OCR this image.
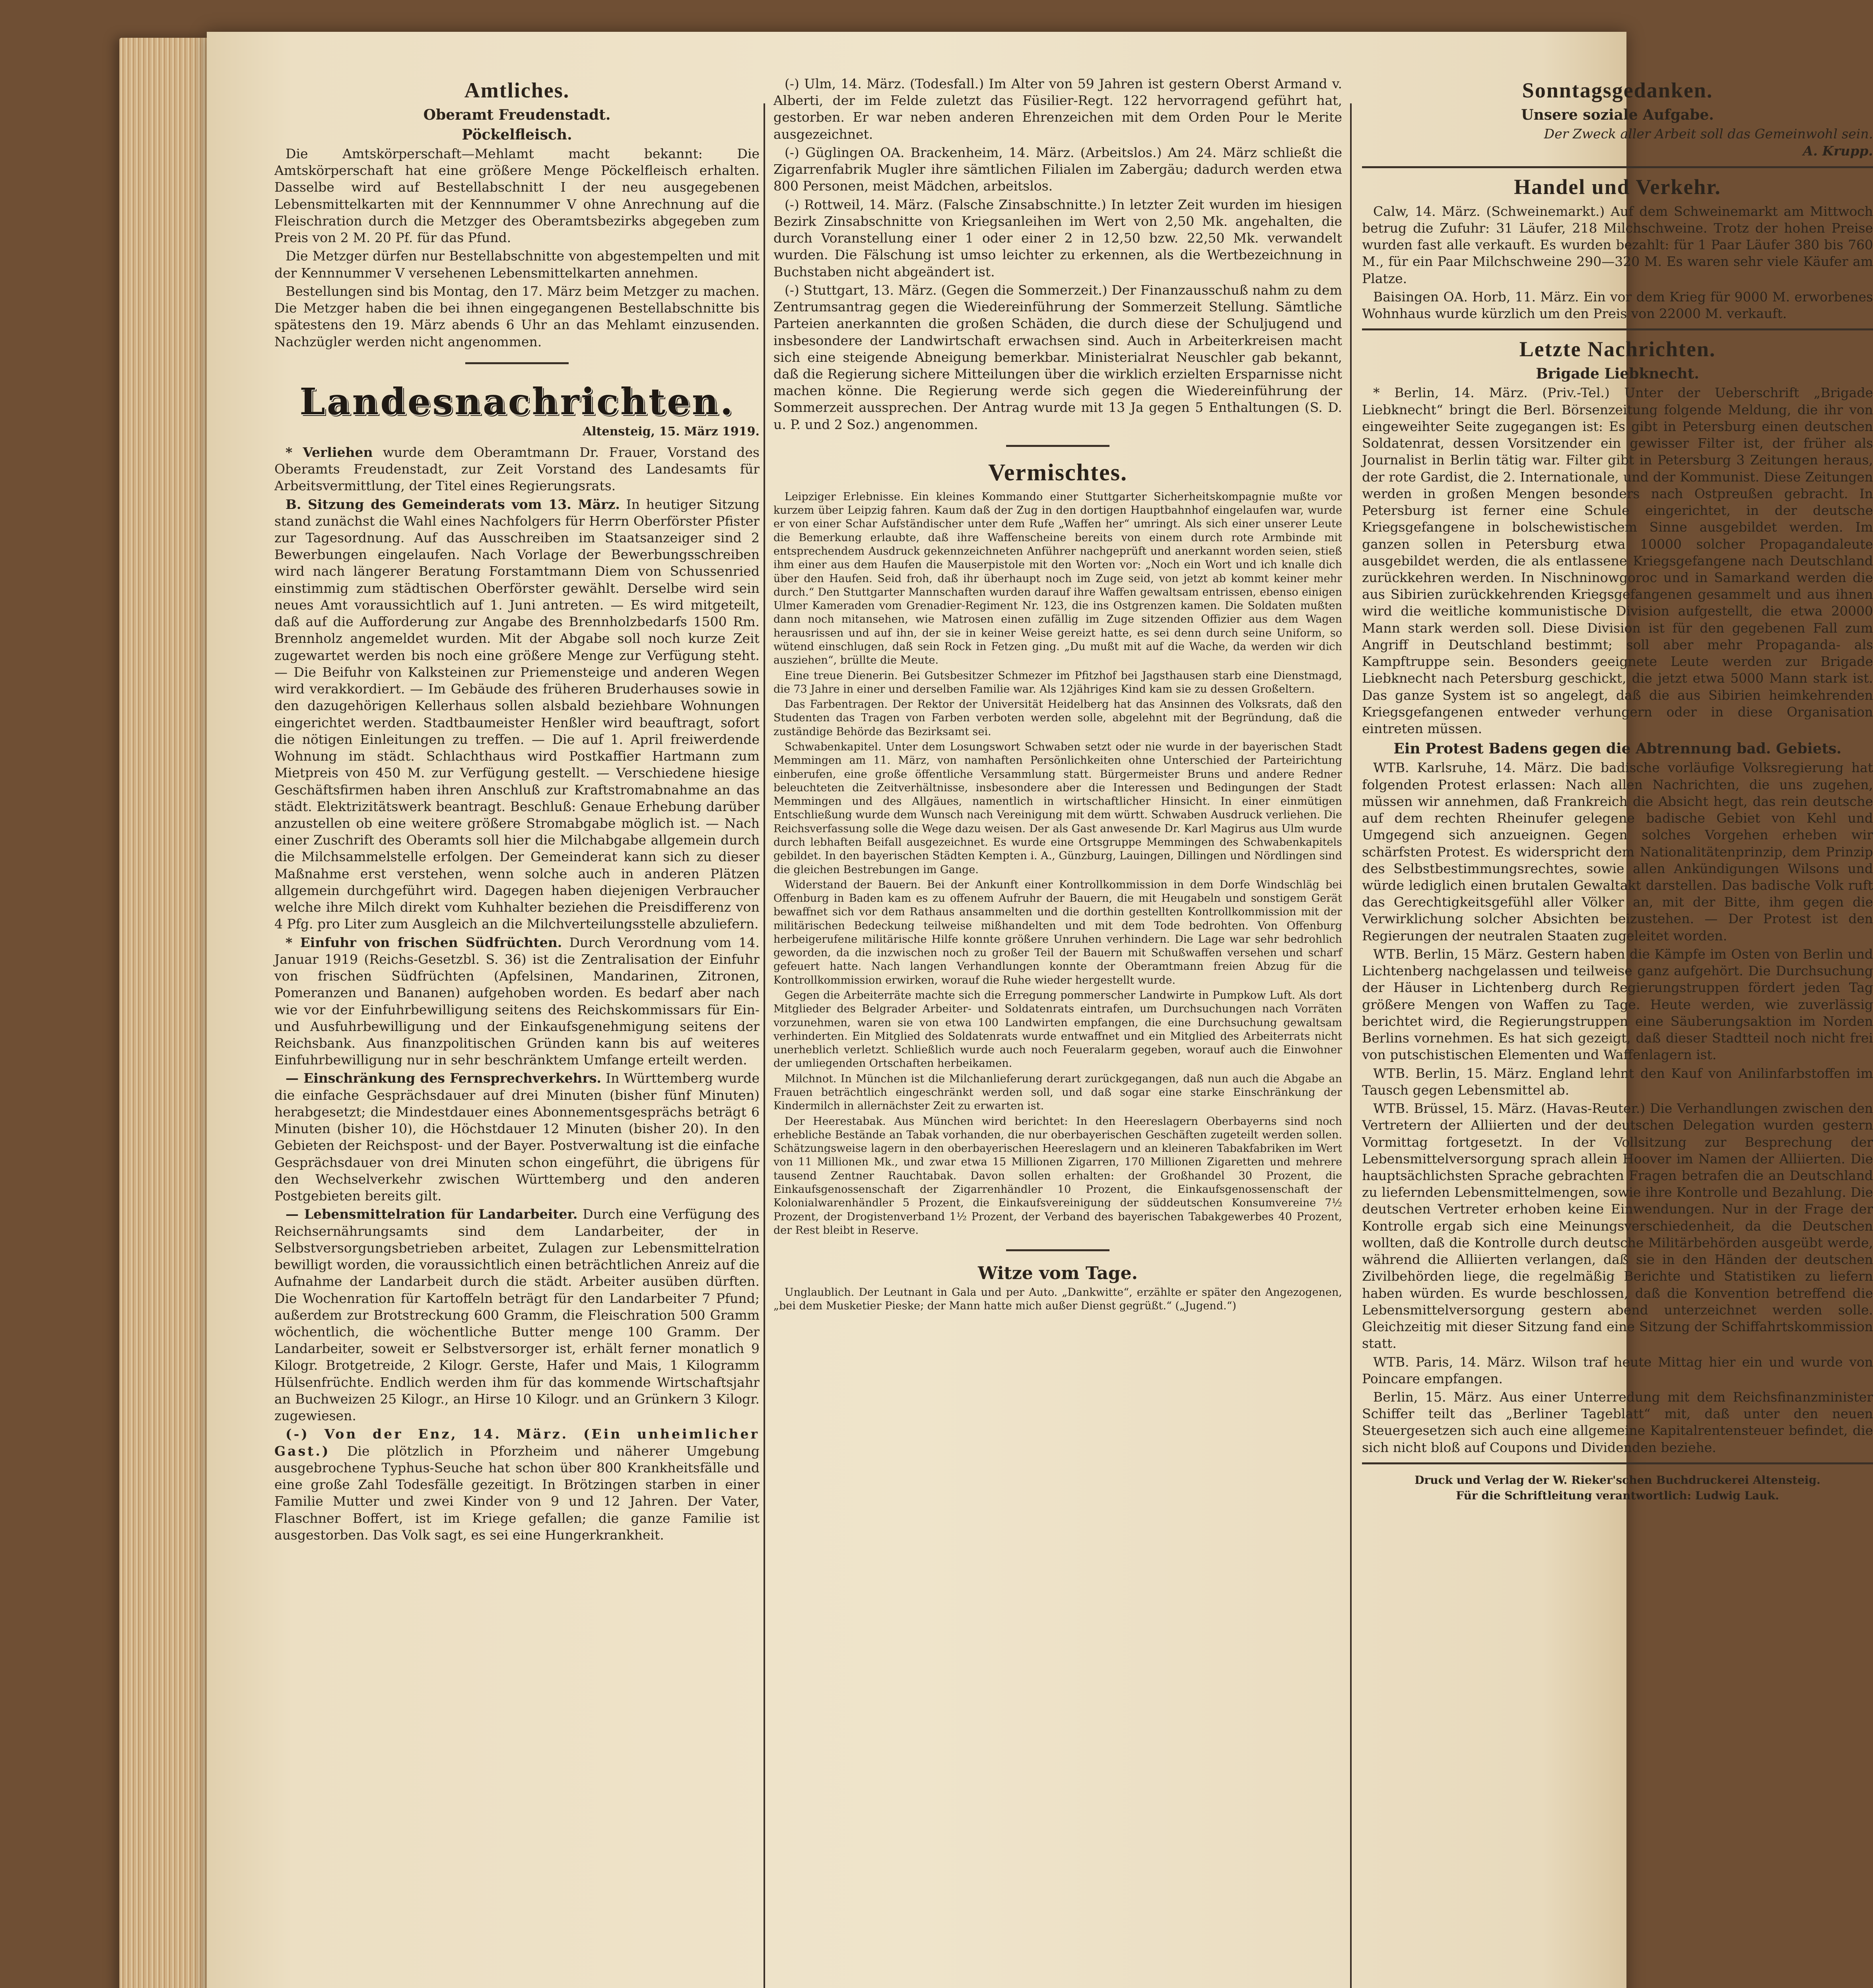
Amtliches.
Oberamt Freudenstadt.
Pöckelfleisch.

Die Amtskörperschaft—Mehlamt macht bekannt: Die Amtskörperschaft hat eine größere Menge Pöckelfleisch erhalten. Dasselbe wird auf Bestellabschnitt I der neu ausgegebenen Lebensmittelkarten mit der Kennnummer V ohne Anrechnung auf die Fleischration durch die Metzger des Oberamtsbezirks abgegeben zum Preis von 2 M. 20 Pf. für das Pfund.

Die Metzger dürfen nur Bestellabschnitte von abgestempelten und mit der Kennnummer V versehenen Lebensmittelkarten annehmen.

Bestellungen sind bis Montag, den 17. März beim Metzger zu machen. Die Metzger haben die bei ihnen eingegangenen Bestellabschnitte bis spätestens den 19. März abends 6 Uhr an das Mehlamt einzusenden. Nachzügler werden nicht angenommen.

Landesnachrichten.
Altensteig, 15. März 1919.

* Verliehen wurde dem Oberamtmann Dr. Frauer, Vorstand des Oberamts Freudenstadt, zur Zeit Vorstand des Landesamts für Arbeitsvermittlung, der Titel eines Regierungsrats.

B. Sitzung des Gemeinderats vom 13. März. In heutiger Sitzung stand zunächst die Wahl eines Nachfolgers für Herrn Oberförster Pfister zur Tagesordnung. Auf das Ausschreiben im Staatsanzeiger sind 2 Bewerbungen eingelaufen. Nach Vorlage der Bewerbungsschreiben wird nach längerer Beratung Forstamtmann Diem von Schussenried einstimmig zum städtischen Oberförster gewählt. Derselbe wird sein neues Amt voraussichtlich auf 1. Juni antreten. — Es wird mitgeteilt, daß auf die Aufforderung zur Angabe des Brennholzbedarfs 1500 Rm. Brennholz angemeldet wurden. Mit der Abgabe soll noch kurze Zeit zugewartet werden bis noch eine größere Menge zur Verfügung steht. — Die Beifuhr von Kalksteinen zur Priemensteige und anderen Wegen wird verakkordiert. — Im Gebäude des früheren Bruderhauses sowie in den dazugehörigen Kellerhaus sollen alsbald beziehbare Wohnungen eingerichtet werden. Stadtbaumeister Henßler wird beauftragt, sofort die nötigen Einleitungen zu treffen. — Die auf 1. April freiwerdende Wohnung im städt. Schlachthaus wird Postkaffier Hartmann zum Mietpreis von 450 M. zur Verfügung gestellt. — Verschiedene hiesige Geschäftsfirmen haben ihren Anschluß zur Kraftstromabnahme an das städt. Elektrizitätswerk beantragt. Beschluß: Genaue Erhebung darüber anzustellen ob eine weitere größere Stromabgabe möglich ist. — Nach einer Zuschrift des Oberamts soll hier die Milchabgabe allgemein durch die Milchsammelstelle erfolgen. Der Gemeinderat kann sich zu dieser Maßnahme erst verstehen, wenn solche auch in anderen Plätzen allgemein durchgeführt wird. Dagegen haben diejenigen Verbraucher welche ihre Milch direkt vom Kuhhalter beziehen die Preisdifferenz von 4 Pfg. pro Liter zum Ausgleich an die Milchverteilungsstelle abzuliefern.

* Einfuhr von frischen Südfrüchten. Durch Verordnung vom 14. Januar 1919 (Reichs-Gesetzbl. S. 36) ist die Zentralisation der Einfuhr von frischen Südfrüchten (Apfelsinen, Mandarinen, Zitronen, Pomeranzen und Bananen) aufgehoben worden. Es bedarf aber nach wie vor der Einfuhrbewilligung seitens des Reichskommissars für Ein- und Ausfuhrbewilligung und der Einkaufsgenehmigung seitens der Reichsbank. Aus finanzpolitischen Gründen kann bis auf weiteres Einfuhrbewilligung nur in sehr beschränktem Umfange erteilt werden.

— Einschränkung des Fernsprechverkehrs. In Württemberg wurde die einfache Gesprächsdauer auf drei Minuten (bisher fünf Minuten) herabgesetzt; die Mindestdauer eines Abonnementsgesprächs beträgt 6 Minuten (bisher 10), die Höchstdauer 12 Minuten (bisher 20). In den Gebieten der Reichspost- und der Bayer. Postverwaltung ist die einfache Gesprächsdauer von drei Minuten schon eingeführt, die übrigens für den Wechselverkehr zwischen Württemberg und den anderen Postgebieten bereits gilt.

— Lebensmittelration für Landarbeiter. Durch eine Verfügung des Reichsernährungsamts sind dem Landarbeiter, der in Selbstversorgungsbetrieben arbeitet, Zulagen zur Lebensmittelration bewilligt worden, die voraussichtlich einen beträchtlichen Anreiz auf die Aufnahme der Landarbeit durch die städt. Arbeiter ausüben dürften. Die Wochenration für Kartoffeln beträgt für den Landarbeiter 7 Pfund; außerdem zur Brotstreckung 600 Gramm, die Fleischration 500 Gramm wöchentlich, die wöchentliche Butter menge 100 Gramm. Der Landarbeiter, soweit er Selbstversorger ist, erhält ferner monatlich 9 Kilogr. Brotgetreide, 2 Kilogr. Gerste, Hafer und Mais, 1 Kilogramm Hülsenfrüchte. Endlich werden ihm für das kommende Wirtschaftsjahr an Buchweizen 25 Kilogr., an Hirse 10 Kilogr. und an Grünkern 3 Kilogr. zugewiesen.

(-) Von der Enz, 14. März. (Ein unheimlicher Gast.) Die plötzlich in Pforzheim und näherer Umgebung ausgebrochene Typhus-Seuche hat schon über 800 Krankheitsfälle und eine große Zahl Todesfälle gezeitigt. In Brötzingen starben in einer Familie Mutter und zwei Kinder von 9 und 12 Jahren. Der Vater, Flaschner Boffert, ist im Kriege gefallen; die ganze Familie ist ausgestorben. Das Volk sagt, es sei eine Hungerkrankheit.

(-) Ulm, 14. März. (Todesfall.) Im Alter von 59 Jahren ist gestern Oberst Armand v. Alberti, der im Felde zuletzt das Füsilier-Regt. 122 hervorragend geführt hat, gestorben. Er war neben anderen Ehrenzeichen mit dem Orden Pour le Merite ausgezeichnet.

(-) Güglingen OA. Brackenheim, 14. März. (Arbeitslos.) Am 24. März schließt die Zigarrenfabrik Mugler ihre sämtlichen Filialen im Zabergäu; dadurch werden etwa 800 Personen, meist Mädchen, arbeitslos.

(-) Rottweil, 14. März. (Falsche Zinsabschnitte.) In letzter Zeit wurden im hiesigen Bezirk Zinsabschnitte von Kriegsanleihen im Wert von 2,50 Mk. angehalten, die durch Voranstellung einer 1 oder einer 2 in 12,50 bzw. 22,50 Mk. verwandelt wurden. Die Fälschung ist umso leichter zu erkennen, als die Wertbezeichnung in Buchstaben nicht abgeändert ist.

(-) Stuttgart, 13. März. (Gegen die Sommerzeit.) Der Finanzausschuß nahm zu dem Zentrumsantrag gegen die Wiedereinführung der Sommerzeit Stellung. Sämtliche Parteien anerkannten die großen Schäden, die durch diese der Schuljugend und insbesondere der Landwirtschaft erwachsen sind. Auch in Arbeiterkreisen macht sich eine steigende Abneigung bemerkbar. Ministerialrat Neuschler gab bekannt, daß die Regierung sichere Mitteilungen über die wirklich erzielten Ersparnisse nicht machen könne. Die Regierung werde sich gegen die Wiedereinführung der Sommerzeit aussprechen. Der Antrag wurde mit 13 Ja gegen 5 Enthaltungen (S. D. u. P. und 2 Soz.) angenommen.

Vermischtes.

Leipziger Erlebnisse. Ein kleines Kommando einer Stuttgarter Sicherheitskompagnie mußte vor kurzem über Leipzig fahren. Kaum daß der Zug in den dortigen Hauptbahnhof eingelaufen war, wurde er von einer Schar Aufständischer unter dem Rufe „Waffen her“ umringt. Als sich einer unserer Leute die Bemerkung erlaubte, daß ihre Waffenscheine bereits von einem durch rote Armbinde mit entsprechendem Ausdruck gekennzeichneten Anführer nachgeprüft und anerkannt worden seien, stieß ihm einer aus dem Haufen die Mauserpistole mit den Worten vor: „Noch ein Wort und ich knalle dich über den Haufen. Seid froh, daß ihr überhaupt noch im Zuge seid, von jetzt ab kommt keiner mehr durch.“ Den Stuttgarter Mannschaften wurden darauf ihre Waffen gewaltsam entrissen, ebenso einigen Ulmer Kameraden vom Grenadier-Regiment Nr. 123, die ins Ostgrenzen kamen. Die Soldaten mußten dann noch mitansehen, wie Matrosen einen zufällig im Zuge sitzenden Offizier aus dem Wagen herausrissen und auf ihn, der sie in keiner Weise gereizt hatte, es sei denn durch seine Uniform, so wütend einschlugen, daß sein Rock in Fetzen ging. „Du mußt mit auf die Wache, da werden wir dich ausziehen“, brüllte die Meute.

Eine treue Dienerin. Bei Gutsbesitzer Schmezer im Pfitzhof bei Jagsthausen starb eine Dienstmagd, die 73 Jahre in einer und derselben Familie war. Als 12jähriges Kind kam sie zu dessen Großeltern.

Das Farbentragen. Der Rektor der Universität Heidelberg hat das Ansinnen des Volksrats, daß den Studenten das Tragen von Farben verboten werden solle, abgelehnt mit der Begründung, daß die zuständige Behörde das Bezirksamt sei.

Schwabenkapitel. Unter dem Losungswort Schwaben setzt oder nie wurde in der bayerischen Stadt Memmingen am 11. März, von namhaften Persönlichkeiten ohne Unterschied der Parteirichtung einberufen, eine große öffentliche Versammlung statt. Bürgermeister Bruns und andere Redner beleuchteten die Zeitverhältnisse, insbesondere aber die Interessen und Bedingungen der Stadt Memmingen und des Allgäues, namentlich in wirtschaftlicher Hinsicht. In einer einmütigen Entschließung wurde dem Wunsch nach Vereinigung mit dem württ. Schwaben Ausdruck verliehen. Die Reichsverfassung solle die Wege dazu weisen. Der als Gast anwesende Dr. Karl Magirus aus Ulm wurde durch lebhaften Beifall ausgezeichnet. Es wurde eine Ortsgruppe Memmingen des Schwabenkapitels gebildet. In den bayerischen Städten Kempten i. A., Günzburg, Lauingen, Dillingen und Nördlingen sind die gleichen Bestrebungen im Gange.

Widerstand der Bauern. Bei der Ankunft einer Kontrollkommission in dem Dorfe Windschläg bei Offenburg in Baden kam es zu offenem Aufruhr der Bauern, die mit Heugabeln und sonstigem Gerät bewaffnet sich vor dem Rathaus ansammelten und die dorthin gestellten Kontrollkommission mit der militärischen Bedeckung teilweise mißhandelten und mit dem Tode bedrohten. Von Offenburg herbeigerufene militärische Hilfe konnte größere Unruhen verhindern. Die Lage war sehr bedrohlich geworden, da die inzwischen noch zu großer Teil der Bauern mit Schußwaffen versehen und scharf gefeuert hatte. Nach langen Verhandlungen konnte der Oberamtmann freien Abzug für die Kontrollkommission erwirken, worauf die Ruhe wieder hergestellt wurde.

Gegen die Arbeiterräte machte sich die Erregung pommerscher Landwirte in Pumpkow Luft. Als dort Mitglieder des Belgrader Arbeiter- und Soldatenrats eintrafen, um Durchsuchungen nach Vorräten vorzunehmen, waren sie von etwa 100 Landwirten empfangen, die eine Durchsuchung gewaltsam verhinderten. Ein Mitglied des Soldatenrats wurde entwaffnet und ein Mitglied des Arbeiterrats nicht unerheblich verletzt. Schließlich wurde auch noch Feueralarm gegeben, worauf auch die Einwohner der umliegenden Ortschaften herbeikamen.

Milchnot. In München ist die Milchanlieferung derart zurückgegangen, daß nun auch die Abgabe an Frauen beträchtlich eingeschränkt werden soll, und daß sogar eine starke Einschränkung der Kindermilch in allernächster Zeit zu erwarten ist.

Der Heerestabak. Aus München wird berichtet: In den Heereslagern Oberbayerns sind noch erhebliche Bestände an Tabak vorhanden, die nur oberbayerischen Geschäften zugeteilt werden sollen. Schätzungsweise lagern in den oberbayerischen Heereslagern und an kleineren Tabakfabriken im Wert von 11 Millionen Mk., und zwar etwa 15 Millionen Zigarren, 170 Millionen Zigaretten und mehrere tausend Zentner Rauchtabak. Davon sollen erhalten: der Großhandel 30 Prozent, die Einkaufsgenossenschaft der Zigarrenhändler 10 Prozent, die Einkaufsgenossenschaft der Kolonialwarenhändler 5 Prozent, die Einkaufsvereinigung der süddeutschen Konsumvereine 7½ Prozent, der Drogistenverband 1½ Prozent, der Verband des bayerischen Tabakgewerbes 40 Prozent, der Rest bleibt in Reserve.

Witze vom Tage.

Unglaublich. Der Leutnant in Gala und per Auto. „Dankwitte“, erzählte er später den Angezogenen, „bei dem Musketier Pieske; der Mann hatte mich außer Dienst gegrüßt.“ („Jugend.“)

Sonntagsgedanken.
Unsere soziale Aufgabe.
Der Zweck aller Arbeit soll das Gemeinwohl sein.
A. Krupp.
Handel und Verkehr.

Calw, 14. März. (Schweinemarkt.) Auf dem Schweinemarkt am Mittwoch betrug die Zufuhr: 31 Läufer, 218 Milchschweine. Trotz der hohen Preise wurden fast alle verkauft. Es wurden bezahlt: für 1 Paar Läufer 380 bis 760 M., für ein Paar Milchschweine 290—320 M. Es waren sehr viele Käufer am Platze.

Baisingen OA. Horb, 11. März. Ein vor dem Krieg für 9000 M. erworbenes Wohnhaus wurde kürzlich um den Preis von 22000 M. verkauft.

Letzte Nachrichten.
Brigade Liebknecht.

* Berlin, 14. März. (Priv.-Tel.) Unter der Ueberschrift „Brigade Liebknecht“ bringt die Berl. Börsenzeitung folgende Meldung, die ihr von eingeweihter Seite zugegangen ist: Es gibt in Petersburg einen deutschen Soldatenrat, dessen Vorsitzender ein gewisser Filter ist, der früher als Journalist in Berlin tätig war. Filter gibt in Petersburg 3 Zeitungen heraus, der rote Gardist, die 2. Internationale, und der Kommunist. Diese Zeitungen werden in großen Mengen besonders nach Ostpreußen gebracht. In Petersburg ist ferner eine Schule eingerichtet, in der deutsche Kriegsgefangene in bolschewistischem Sinne ausgebildet werden. Im ganzen sollen in Petersburg etwa 10000 solcher Propagandaleute ausgebildet werden, die als entlassene Kriegsgefangene nach Deutschland zurückkehren werden. In Nischninowgoroc und in Samarkand werden die aus Sibirien zurückkehrenden Kriegsgefangenen gesammelt und aus ihnen wird die weitliche kommunistische Division aufgestellt, die etwa 20000 Mann stark werden soll. Diese Division ist für den gegebenen Fall zum Angriff in Deutschland bestimmt; soll aber mehr Propaganda- als Kampftruppe sein. Besonders geeignete Leute werden zur Brigade Liebknecht nach Petersburg geschickt, die jetzt etwa 5000 Mann stark ist. Das ganze System ist so angelegt, daß die aus Sibirien heimkehrenden Kriegsgefangenen entweder verhungern oder in diese Organisation eintreten müssen.

Ein Protest Badens gegen die Abtrennung bad. Gebiets.

WTB. Karlsruhe, 14. März. Die badische vorläufige Volksregierung hat folgenden Protest erlassen: Nach allen Nachrichten, die uns zugehen, müssen wir annehmen, daß Frankreich die Absicht hegt, das rein deutsche auf dem rechten Rheinufer gelegene badische Gebiet von Kehl und Umgegend sich anzueignen. Gegen solches Vorgehen erheben wir schärfsten Protest. Es widerspricht dem Nationalitätenprinzip, dem Prinzip des Selbstbestimmungsrechtes, sowie allen Ankündigungen Wilsons und würde lediglich einen brutalen Gewaltakt darstellen. Das badische Volk ruft das Gerechtigkeitsgefühl aller Völker an, mit der Bitte, ihm gegen die Verwirklichung solcher Absichten beizustehen. — Der Protest ist den Regierungen der neutralen Staaten zugeleitet worden.

WTB. Berlin, 15 März. Gestern haben die Kämpfe im Osten von Berlin und Lichtenberg nachgelassen und teilweise ganz aufgehört. Die Durchsuchung der Häuser in Lichtenberg durch Regierungstruppen fördert jeden Tag größere Mengen von Waffen zu Tage. Heute werden, wie zuverlässig berichtet wird, die Regierungstruppen eine Säuberungsaktion im Norden Berlins vornehmen. Es hat sich gezeigt, daß dieser Stadtteil noch nicht frei von putschistischen Elementen und Waffenlagern ist.

WTB. Berlin, 15. März. England lehnt den Kauf von Anilinfarbstoffen im Tausch gegen Lebensmittel ab.

WTB. Brüssel, 15. März. (Havas-Reuter.) Die Verhandlungen zwischen den Vertretern der Alliierten und der deutschen Delegation wurden gestern Vormittag fortgesetzt. In der Vollsitzung zur Besprechung der Lebensmittelversorgung sprach allein Hoover im Namen der Alliierten. Die hauptsächlichsten Sprache gebrachten Fragen betrafen die an Deutschland zu liefernden Lebensmittelmengen, sowie ihre Kontrolle und Bezahlung. Die deutschen Vertreter erhoben keine Einwendungen. Nur in der Frage der Kontrolle ergab sich eine Meinungsverschiedenheit, da die Deutschen wollten, daß die Kontrolle durch deutsche Militärbehörden ausgeübt werde, während die Alliierten verlangen, daß sie in den Händen der deutschen Zivilbehörden liege, die regelmäßig Berichte und Statistiken zu liefern haben würden. Es wurde beschlossen, daß die Konvention betreffend die Lebensmittelversorgung gestern abend unterzeichnet werden solle. Gleichzeitig mit dieser Sitzung fand eine Sitzung der Schiffahrtskommission statt.

WTB. Paris, 14. März. Wilson traf heute Mittag hier ein und wurde von Poincare empfangen.

Berlin, 15. März. Aus einer Unterredung mit dem Reichsfinanzminister Schiffer teilt das „Berliner Tageblatt“ mit, daß unter den neuen Steuergesetzen sich auch eine allgemeine Kapitalrentensteuer befindet, die sich nicht bloß auf Coupons und Dividenden beziehe.

Druck und Verlag der W. Rieker'schen Buchdruckerei Altensteig.
Für die Schriftleitung verantwortlich: Ludwig Lauk.
